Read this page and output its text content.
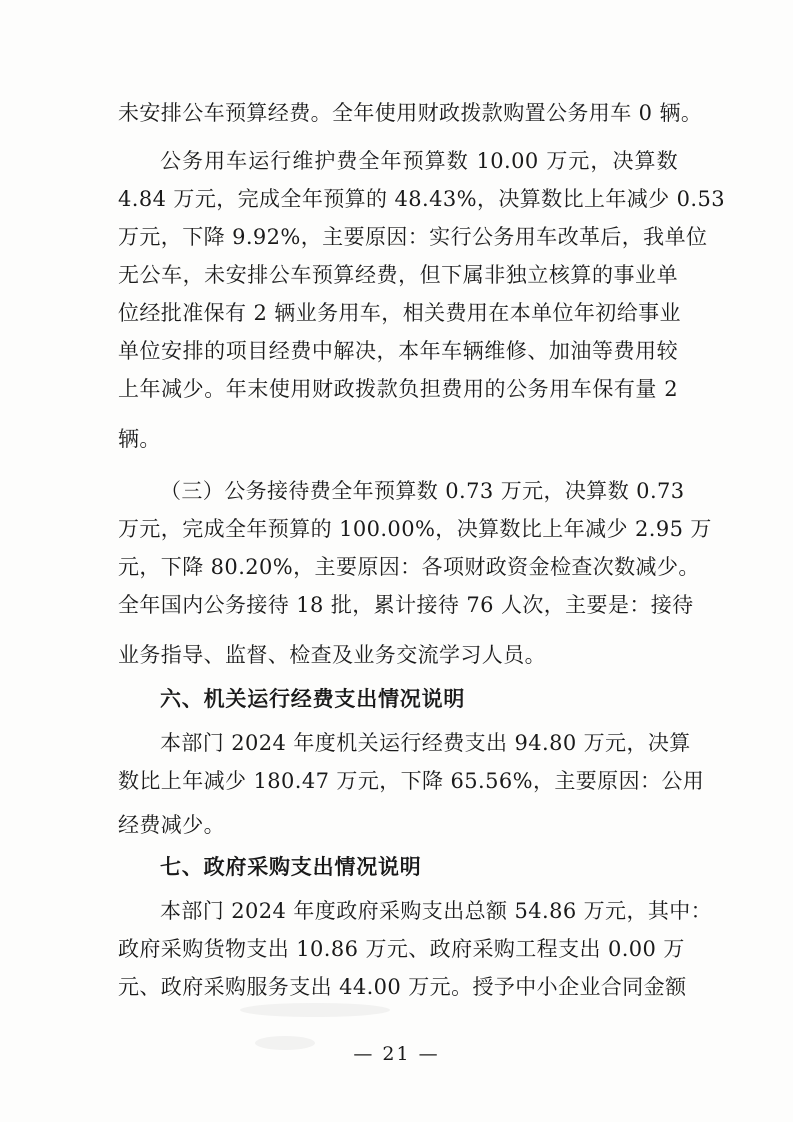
未安排公车预算经费。全年使用财政拨款购置公务用车 0 辆。
公务用车运行维护费全年预算数 10.00 万元，决算数
4.84 万元，完成全年预算的 48.43%，决算数比上年减少 0.53
万元，下降 9.92%，主要原因：实行公务用车改革后，我单位
无公车，未安排公车预算经费，但下属非独立核算的事业单
位经批准保有 2 辆业务用车，相关费用在本单位年初给事业
单位安排的项目经费中解决，本年车辆维修、加油等费用较
上年减少。年末使用财政拨款负担费用的公务用车保有量 2
辆。
（三）公务接待费全年预算数 0.73 万元，决算数 0.73
万元，完成全年预算的 100.00%，决算数比上年减少 2.95 万
元，下降 80.20%，主要原因：各项财政资金检查次数减少。
全年国内公务接待 18 批，累计接待 76 人次，主要是：接待
业务指导、监督、检查及业务交流学习人员。
六、机关运行经费支出情况说明
本部门 2024 年度机关运行经费支出 94.80 万元，决算
数比上年减少 180.47 万元，下降 65.56%，主要原因：公用
经费减少。
七、政府采购支出情况说明
本部门 2024 年度政府采购支出总额 54.86 万元，其中：
政府采购货物支出 10.86 万元、政府采购工程支出 0.00 万
元、政府采购服务支出 44.00 万元。授予中小企业合同金额
— 21 —
